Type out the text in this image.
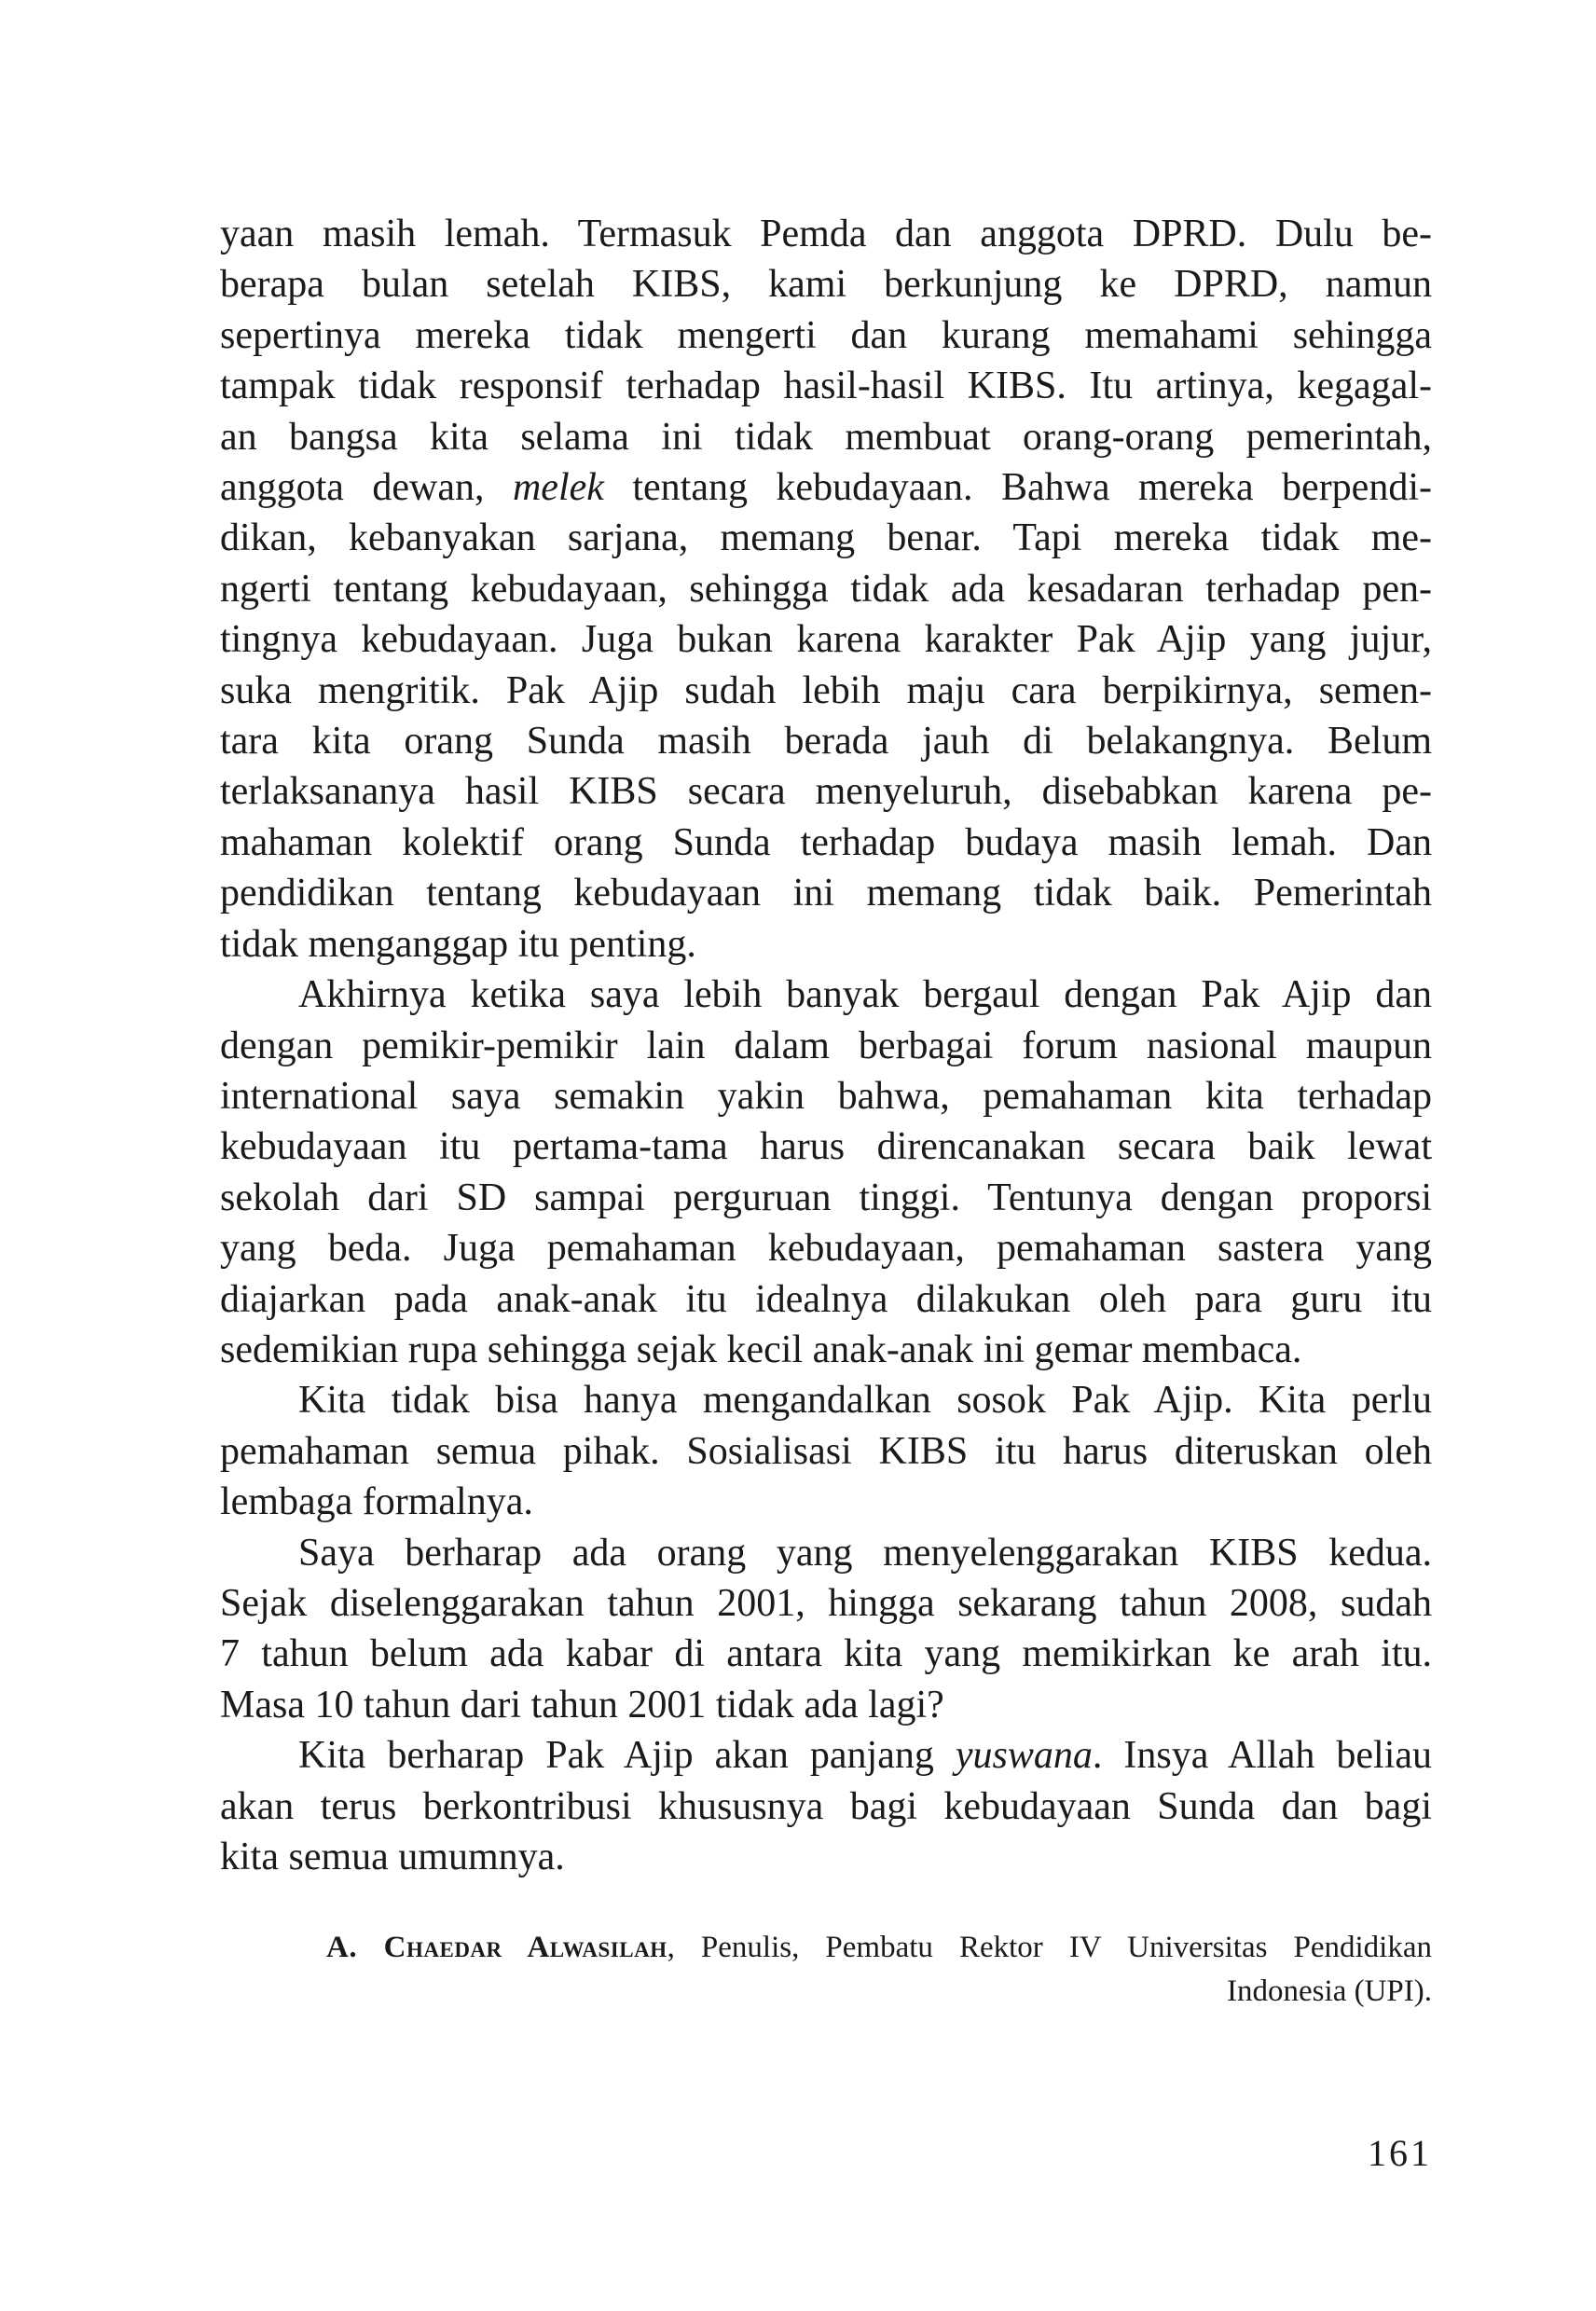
yaan masih lemah. Termasuk Pemda dan anggota DPRD. Dulu be-
berapa bulan setelah KIBS, kami berkunjung ke DPRD, namun
sepertinya mereka tidak mengerti dan kurang memahami sehingga
tampak tidak responsif terhadap hasil-hasil KIBS. Itu artinya, kegagal-
an bangsa kita selama ini tidak membuat orang-orang pemerintah,
anggota dewan, melek tentang kebudayaan. Bahwa mereka berpendi-
dikan, kebanyakan sarjana, memang benar. Tapi mereka tidak me-
ngerti tentang kebudayaan, sehingga tidak ada kesadaran terhadap pen-
tingnya kebudayaan. Juga bukan karena karakter Pak Ajip yang jujur,
suka mengritik. Pak Ajip sudah lebih maju cara berpikirnya, semen-
tara kita orang Sunda masih berada jauh di belakangnya. Belum
terlaksananya hasil KIBS secara menyeluruh, disebabkan karena pe-
mahaman kolektif orang Sunda terhadap budaya masih lemah. Dan
pendidikan tentang kebudayaan ini memang tidak baik. Pemerintah
tidak menganggap itu penting.

Akhirnya ketika saya lebih banyak bergaul dengan Pak Ajip dan
dengan pemikir-pemikir lain dalam berbagai forum nasional maupun
international saya semakin yakin bahwa, pemahaman kita terhadap
kebudayaan itu pertama-tama harus direncanakan secara baik lewat
sekolah dari SD sampai perguruan tinggi. Tentunya dengan proporsi
yang beda. Juga pemahaman kebudayaan, pemahaman sastera yang
diajarkan pada anak-anak itu idealnya dilakukan oleh para guru itu
sedemikian rupa sehingga sejak kecil anak-anak ini gemar membaca.

Kita tidak bisa hanya mengandalkan sosok Pak Ajip. Kita perlu
pemahaman semua pihak. Sosialisasi KIBS itu harus diteruskan oleh
lembaga formalnya.

Saya berharap ada orang yang menyelenggarakan KIBS kedua.
Sejak diselenggarakan tahun 2001, hingga sekarang tahun 2008, sudah
7 tahun belum ada kabar di antara kita yang memikirkan ke arah itu.
Masa 10 tahun dari tahun 2001 tidak ada lagi?

Kita berharap Pak Ajip akan panjang yuswana. Insya Allah beliau
akan terus berkontribusi khususnya bagi kebudayaan Sunda dan bagi
kita semua umumnya.

A. Chaedar Alwasilah, Penulis, Pembatu Rektor IV Universitas Pendidikan
Indonesia (UPI).
161
